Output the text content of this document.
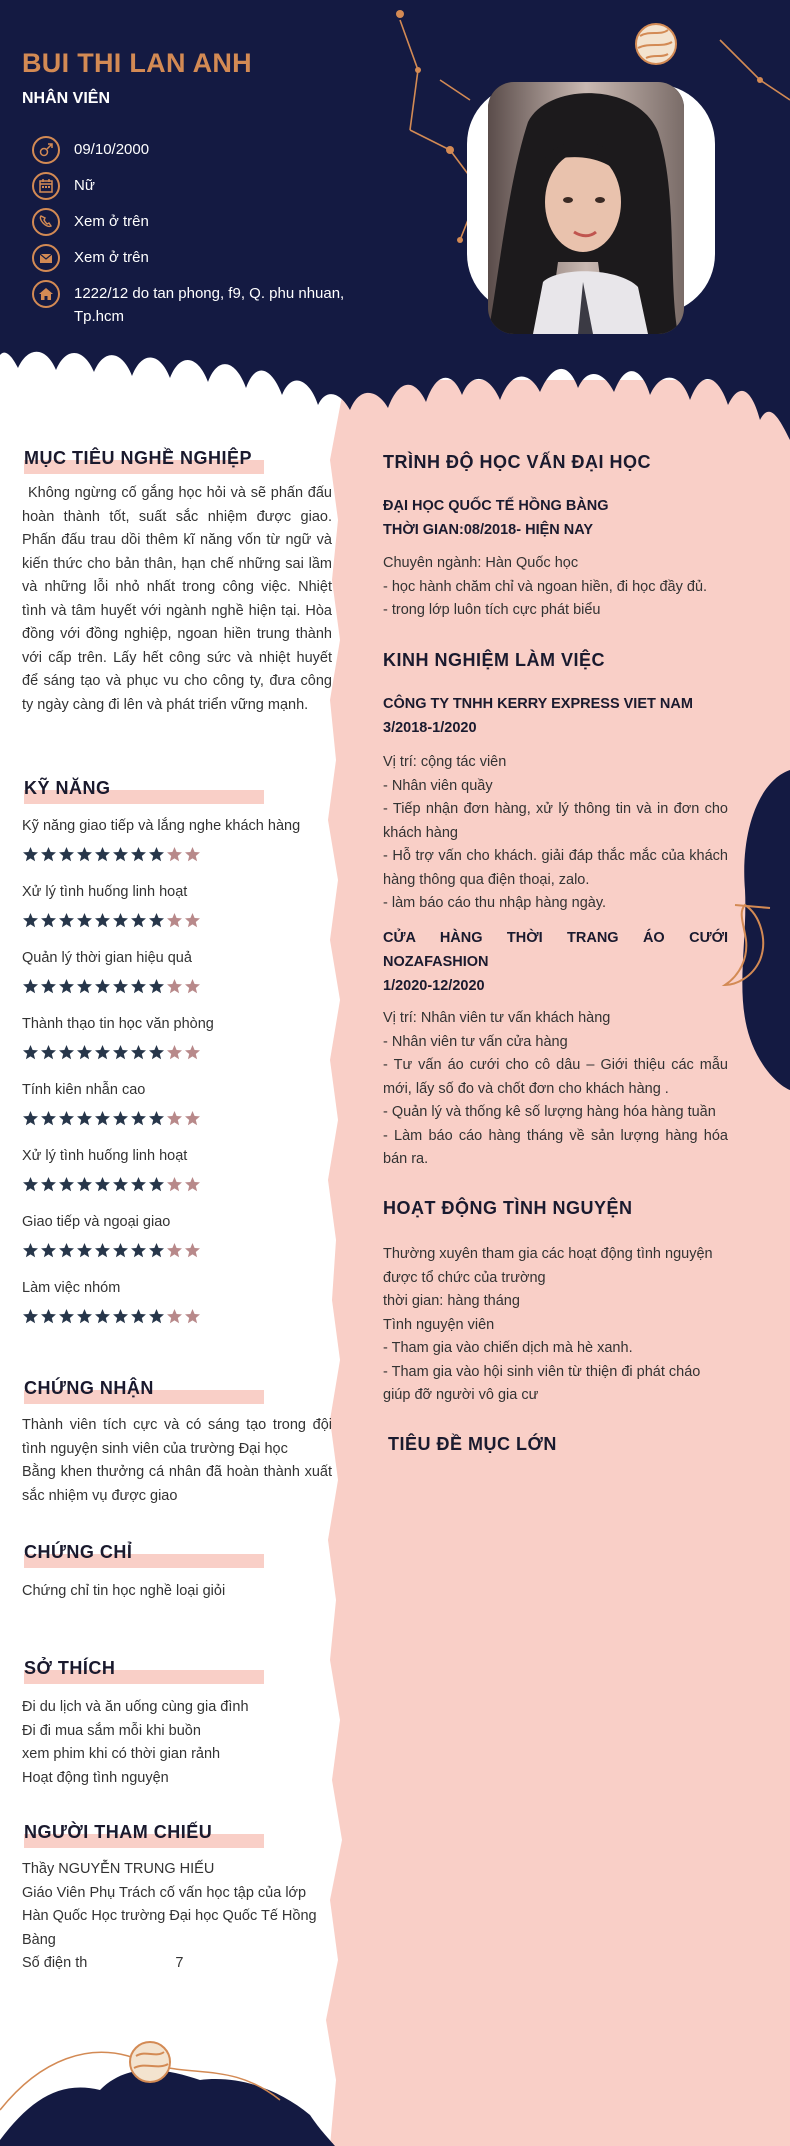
BUI THI LAN ANH
NHÂN VIÊN
09/10/2000
Nữ
Xem ở trên
Xem ở trên
1222/12 do tan phong, f9, Q. phu nhuan, Tp.hcm
MỤC TIÊU NGHỀ NGHIỆP

Không ngừng cố gắng học hỏi và sẽ phấn đấu hoàn thành tốt, suất sắc nhiệm được giao. Phấn đấu trau dồi thêm kĩ năng vốn từ ngữ và kiến thức cho bản thân, hạn chế những sai lầm và những lỗi nhỏ nhất trong công việc. Nhiệt tình và tâm huyết với ngành nghề hiện tại. Hòa đồng với đồng nghiệp, ngoan hiền trung thành với cấp trên. Lấy hết công sức và nhiệt huyết để sáng tạo và phục vu cho công ty, đưa công ty ngày càng đi lên và phát triển vững mạnh.

KỸ NĂNG
Kỹ năng giao tiếp và lắng nghe khách hàng
Xử lý tình huống linh hoạt
Quản lý thời gian hiệu quả
Thành thạo tin học văn phòng
Tính kiên nhẫn cao
Xử lý tình huống linh hoạt
Giao tiếp và ngoại giao
Làm việc nhóm
CHỨNG NHẬN

Thành viên tích cực và có sáng tạo trong đội tình nguyện sinh viên của trường Đại học

Bằng khen thưởng cá nhân đã hoàn thành xuất sắc nhiệm vụ được giao

CHỨNG CHỈ

Chứng chỉ tin học nghề loại giỏi

SỞ THÍCH

Đi du lịch và ăn uống cùng gia đình

Đi đi mua sắm mỗi khi buồn

xem phim khi có thời gian rảnh

Hoạt động tình nguyện

NGƯỜI THAM CHIẾU

Thầy NGUYỄN TRUNG HIẾU

Giáo Viên Phụ Trách cố vấn học tập của lớp Hàn Quốc Học trường Đại học Quốc Tế Hồng Bàng

Số điện th	7

TRÌNH ĐỘ HỌC VẤN ĐẠI HỌC
ĐẠI HỌC QUỐC TẾ HỒNG BÀNG
THỜI GIAN:08/2018- HIỆN NAY

Chuyên ngành: Hàn Quốc học

- học hành chăm chỉ và ngoan hiền, đi học đầy đủ.

- trong lớp luôn tích cực phát biểu

KINH NGHIỆM LÀM VIỆC
CÔNG TY TNHH KERRY EXPRESS VIET NAM
3/2018-1/2020

Vị trí: cộng tác viên

- Nhân viên quầy

- Tiếp nhận đơn hàng, xử lý thông tin và in đơn cho khách hàng

- Hỗ trợ vấn cho khách. giải đáp thắc mắc của khách hàng thông qua điện thoại, zalo.

- làm báo cáo thu nhập hàng ngày.

CỬA HÀNG THỜI TRANG ÁO CƯỚI
NOZAFASHION
1/2020-12/2020

Vị trí: Nhân viên tư vấn khách hàng

- Nhân viên tư vấn cửa hàng

- Tư vấn áo cưới cho cô dâu – Giới thiệu các mẫu mới, lấy số đo và chốt đơn cho khách hàng .

- Quản lý và thống kê số lượng hàng hóa hàng tuần

- Làm báo cáo hàng tháng về sản lượng hàng hóa bán ra.

HOẠT ĐỘNG TÌNH NGUYỆN

Thường xuyên tham gia các hoạt động tình nguyện được tổ chức của trường

thời gian: hàng tháng

Tình nguyện viên

- Tham gia vào chiến dịch mà hè xanh.

- Tham gia vào hội sinh viên từ thiện đi phát cháo giúp đỡ người vô gia cư

TIÊU ĐỀ MỤC LỚN
